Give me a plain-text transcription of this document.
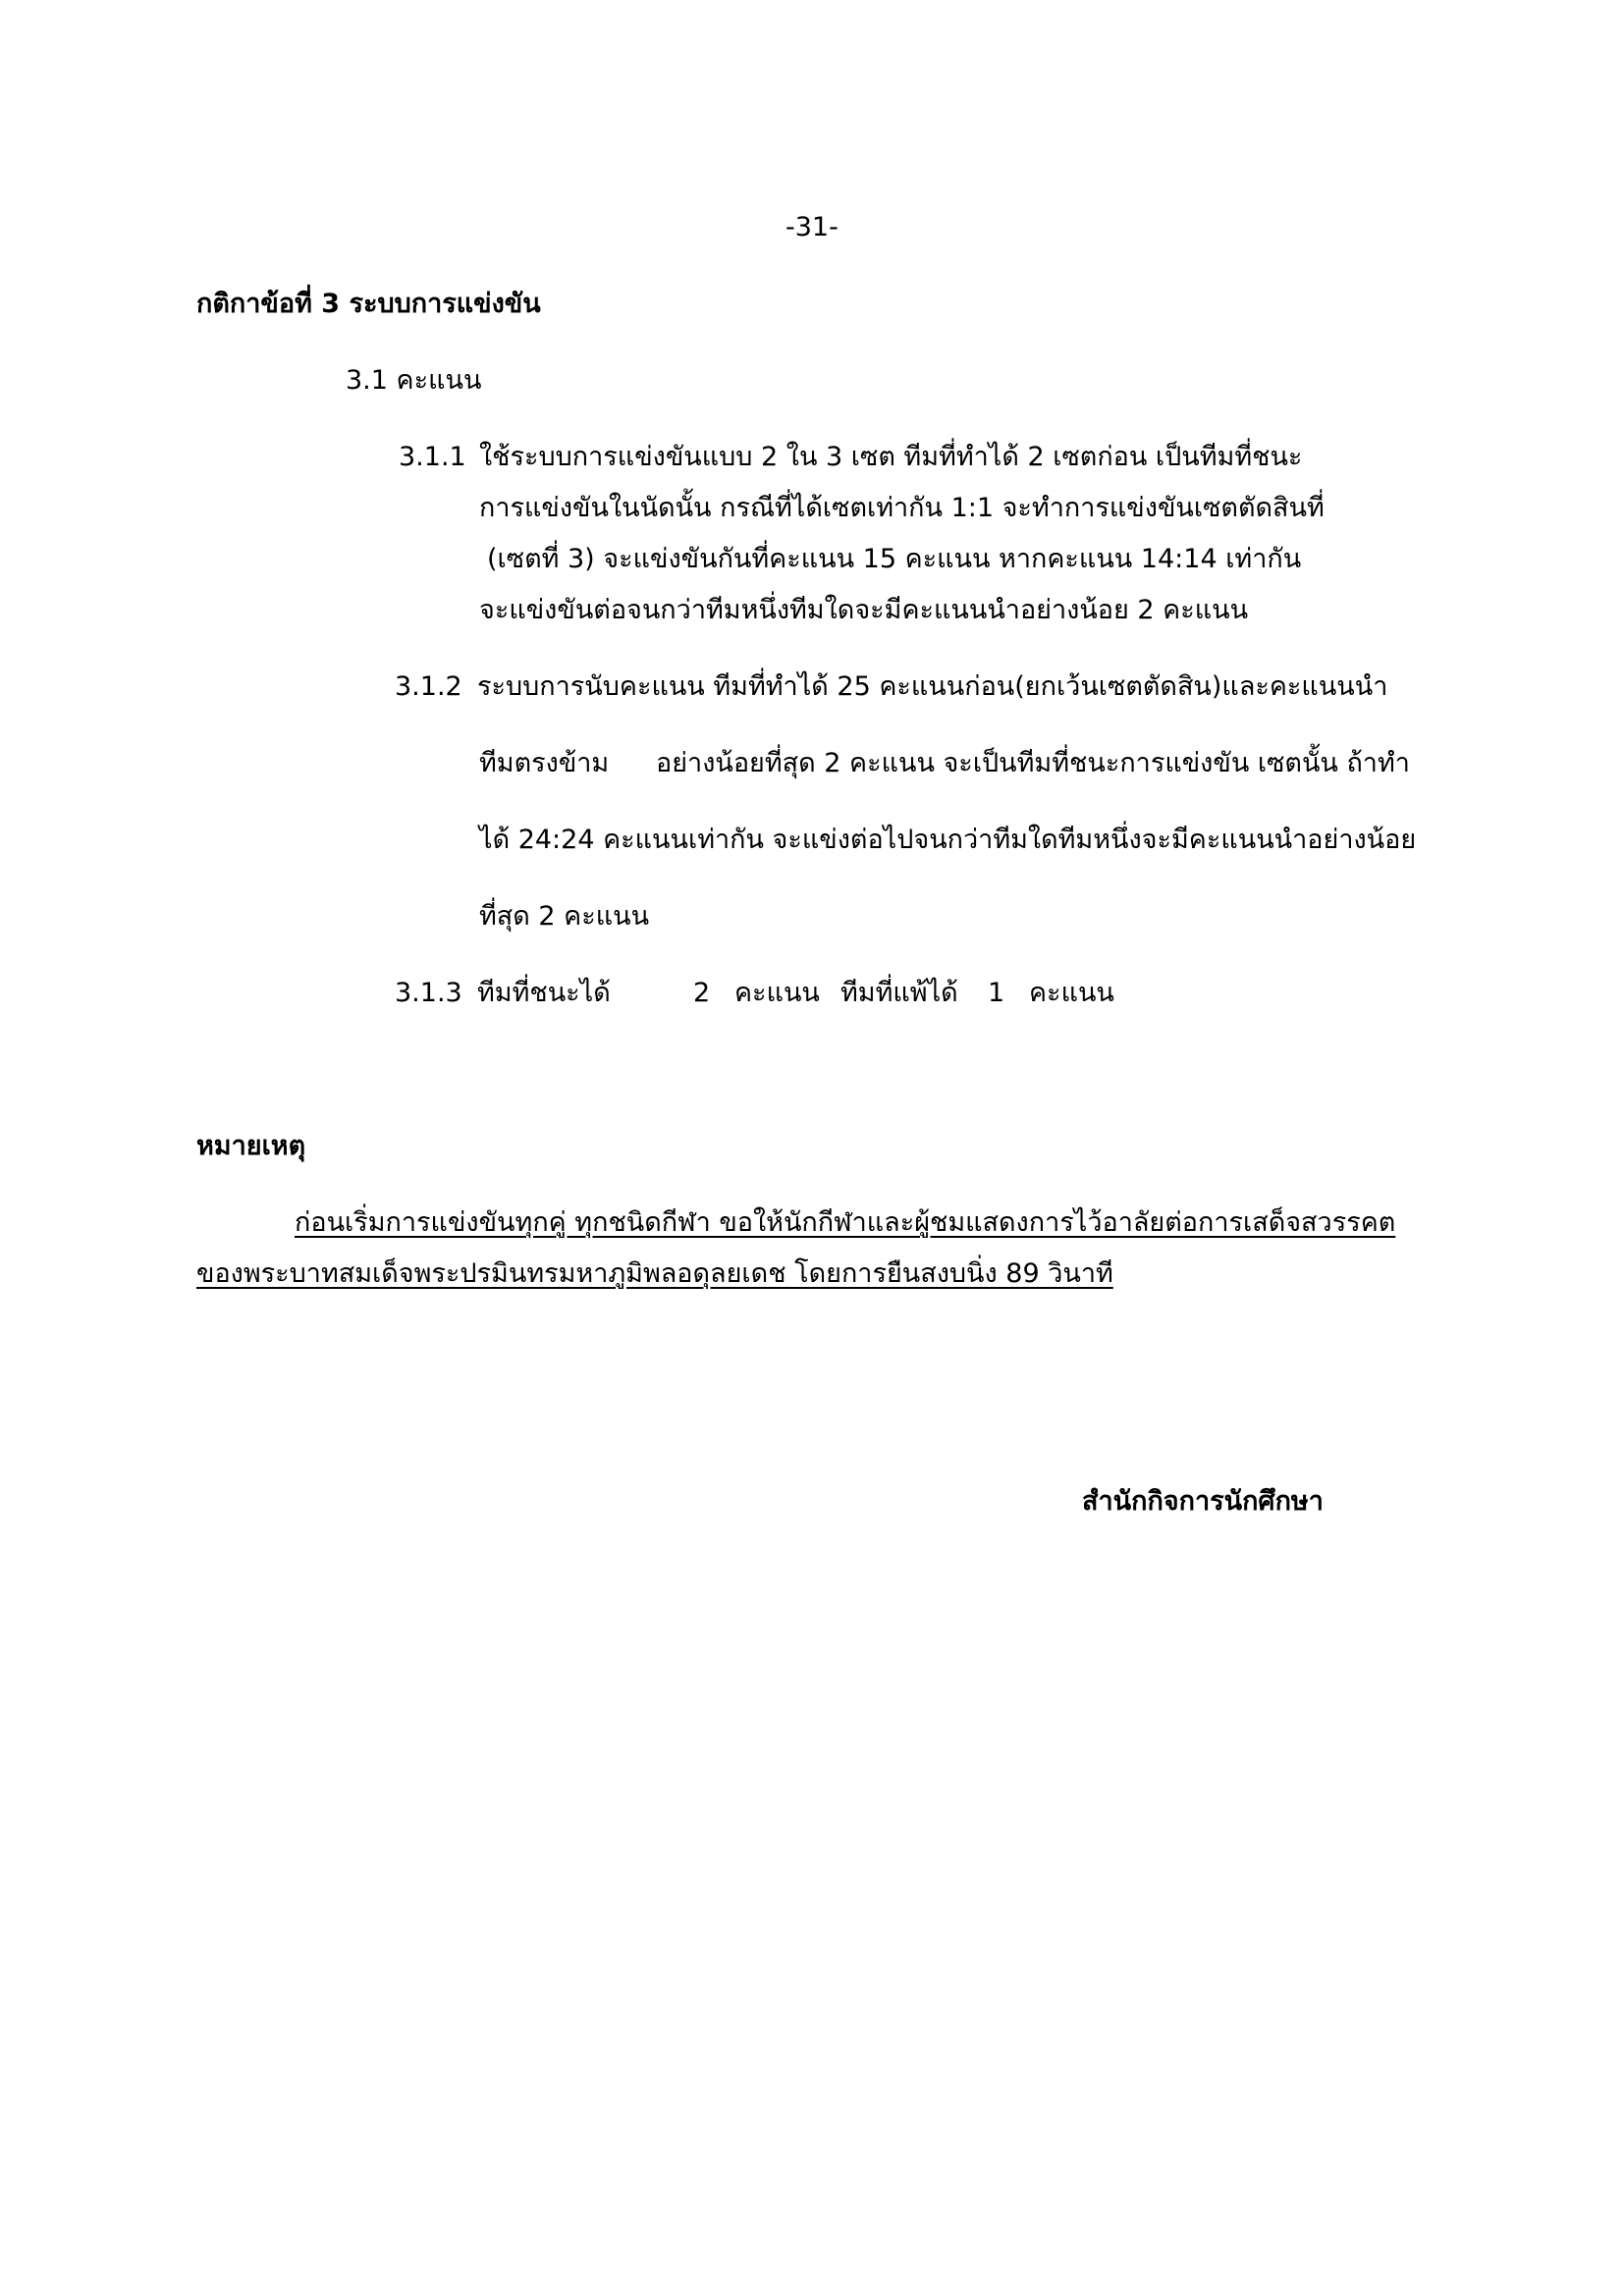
-31-
กติกาข้อที่ 3 ระบบการแข่งขัน
3.1 คะแนน
3.1.1 ใช้ระบบการแข่งขันแบบ 2 ใน 3 เซต ทีมที่ทำได้ 2 เซตก่อน เป็นทีมที่ชนะ
การแข่งขันในนัดนั้น กรณีที่ได้เซตเท่ากัน 1:1 จะทำการแข่งขันเซตตัดสินที่
(เซตที่ 3) จะแข่งขันกันที่คะแนน 15 คะแนน หากคะแนน 14:14 เท่ากัน
จะแข่งขันต่อจนกว่าทีมหนึ่งทีมใดจะมีคะแนนนำอย่างน้อย 2 คะแนน
3.1.2 ระบบการนับคะแนน ทีมที่ทำได้ 25 คะแนนก่อน(ยกเว้นเซตตัดสิน)และคะแนนนำ
ทีมตรงข้าม อย่างน้อยที่สุด 2 คะแนน จะเป็นทีมที่ชนะการแข่งขัน เซตนั้น ถ้าทำ
ได้ 24:24 คะแนนเท่ากัน จะแข่งต่อไปจนกว่าทีมใดทีมหนึ่งจะมีคะแนนนำอย่างน้อย
ที่สุด 2 คะแนน
3.1.3 ทีมที่ชนะได้	2 คะแนน ทีมที่แพ้ได้ 1 คะแนน
หมายเหตุ
ก่อนเริ่มการแข่งขันทุกคู่ ทุกชนิดกีฬา ขอให้นักกีฬาและผู้ชมแสดงการไว้อาลัยต่อการเสด็จสวรรคต
ของพระบาทสมเด็จพระปรมินทรมหาภูมิพลอดุลยเดช โดยการยืนสงบนิ่ง 89 วินาที
สำนักกิจการนักศึกษา
